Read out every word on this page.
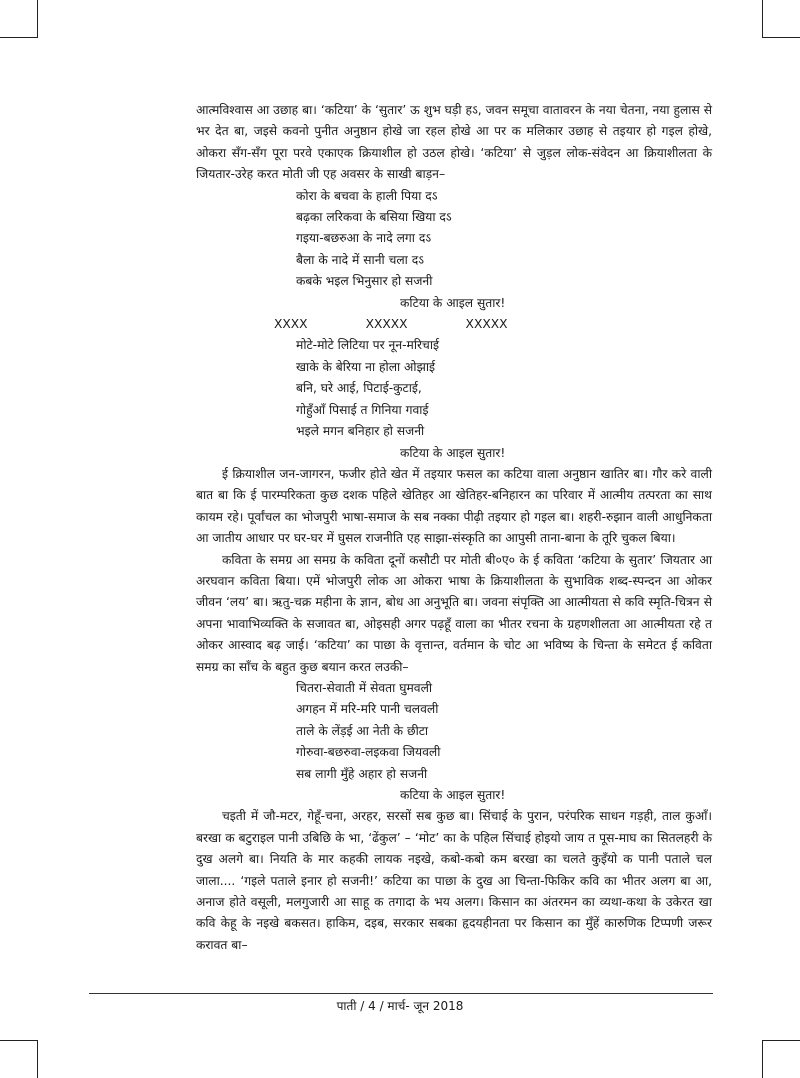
आत्मविश्वास आ उछाह बा। ‘कटिया’ के ‘सुतार’ ऊ शुभ घड़ी हऽ, जवन समूचा वातावरन के नया चेतना, नया हुलास से भर देत बा, जइसे कवनो पुनीत अनुष्ठान होखे जा रहल होखे आ पर क मलिकार उछाह से तइयार हो गइल होखे, ओकरा सँग-सँग पूरा परवे एकाएक क्रियाशील हो उठल होखे। ‘कटिया’ से जुड़ल लोक-संवेदन आ क्रियाशीलता के जियतार-उरेह करत मोती जी एह अवसर के साखी बाड़न–

कोरा के बचवा के हाली पिया दऽ
बढ़का लरिकवा के बसिया खिया दऽ
गइया-बछरुआ के नादे लगा दऽ
बैला के नादे में सानी चला दऽ
कबके भइल भिनुसार हो सजनी
कटिया के आइल सुतार!
XXXX	XXXXX	XXXXX
मोटे-मोटे लिटिया पर नून-मरिचाई
खाके के बेरिया ना होला ओझाई
बनि, घरे आई, पिटाई-कुटाई,
गोहुँआँ पिसाई त गिनिया गवाई
भइले मगन बनिहार हो सजनी
कटिया के आइल सुतार!

ई क्रियाशील जन-जागरन, फजीर होते खेत में तइयार फसल का कटिया वाला अनुष्ठान खातिर बा। गौर करे वाली बात बा कि ई पारम्परिकता कुछ दशक पहिले खेतिहर आ खेतिहर-बनिहारन का परिवार में आत्मीय तत्परता का साथ कायम रहे। पूर्वांचल का भोजपुरी भाषा-समाज के सब नक्का पीढ़ी तइयार हो गइल बा। शहरी-रुझान वाली आधुनिकता आ जातीय आधार पर घर-घर में घुसल राजनीति एह साझा-संस्कृति का आपुसी ताना-बाना के तूरि चुकल बिया।

कविता के समग्र आ समग्र के कविता दूनों कसौटी पर मोती बी०ए० के ई कविता ‘कटिया के सुतार’ जियतार आ अरघवान कविता बिया। एमें भोजपुरी लोक आ ओकरा भाषा के क्रियाशीलता के सुभाविक शब्द-स्पन्दन आ ओकर जीवन ‘लय’ बा। ऋतु-चक्र महीना के ज्ञान, बोध आ अनुभूति बा। जवना संपृक्ति आ आत्मीयता से कवि स्मृति-चित्रन से अपना भावाभिव्यक्ति के सजावत बा, ओइसही अगर पढ़हूँ वाला का भीतर रचना के ग्रहणशीलता आ आत्मीयता रहे त ओकर आस्वाद बढ़ जाई। ‘कटिया’ का पाछा के वृत्तान्त, वर्तमान के चोट आ भविष्य के चिन्ता के समेटत ई कविता समग्र का साँच के बहुत कुछ बयान करत लउकी–

चितरा-सेवाती में सेवता घुमवली
अगहन में मरि-मरि पानी चलवली
ताले के लेंड़ई आ नेती के छीटा
गोरुवा-बछरुवा-लइकवा जियवली
सब लागी मुँहे अहार हो सजनी
कटिया के आइल सुतार!

चइती में जौ-मटर, गेहूँ-चना, अरहर, सरसों सब कुछ बा। सिंचाई के पुरान, परंपरिक साधन गड़ही, ताल कुआँ। बरखा क बटुराइल पानी उबिछि के भा, ‘ढेंकुल’ – ‘मोट’ का के पहिल सिंचाई होइयो जाय त पूस-माघ का सितलहरी के दुख अलगे बा। नियति के मार कहकी लायक नइखे, कबो-कबो कम बरखा का चलते कुइँयो क पानी पताले चल जाला.... ‘गइले पताले इनार हो सजनी!’ कटिया का पाछा के दुख आ चिन्ता-फिकिर कवि का भीतर अलग बा आ, अनाज होते वसूली, मलगुजारी आ साहू क तगादा के भय अलग। किसान का अंतरमन का व्यथा-कथा के उकेरत खा कवि केहू के नइखे बकसत। हाकिम, दइब, सरकार सबका हृदयहीनता पर किसान का मुँहें कारुणिक टिप्पणी जरूर करावत बा–

पाती / 4 / मार्च- जून 2018
